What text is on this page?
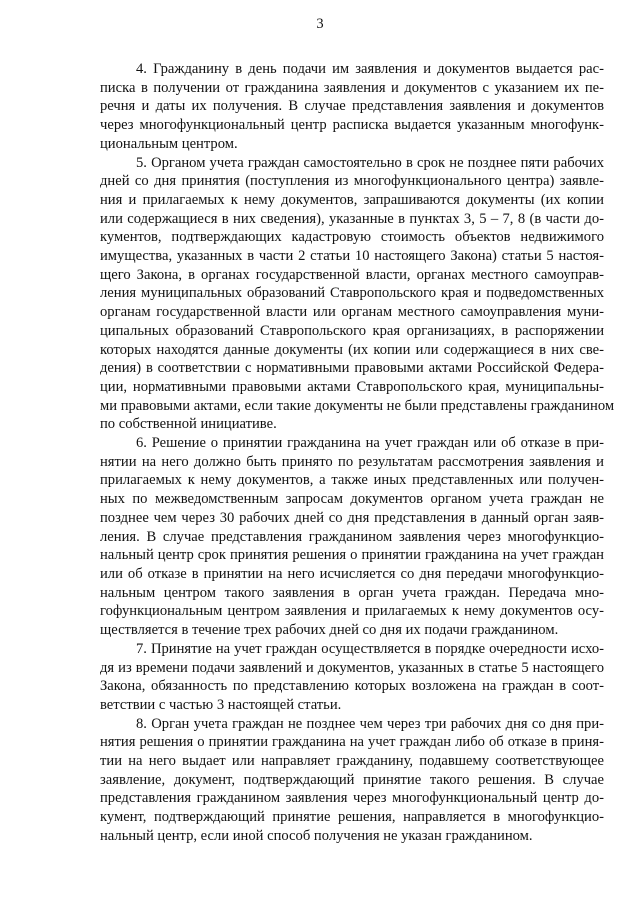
3
4. Гражданину в день подачи им заявления и документов выдается рас-
писка в получении от гражданина заявления и документов с указанием их пе-
речня и даты их получения. В случае представления заявления и документов
через многофункциональный центр расписка выдается указанным многофунк-
циональным центром.
5. Органом учета граждан самостоятельно в срок не позднее пяти рабочих
дней со дня принятия (поступления из многофункционального центра) заявле-
ния и прилагаемых к нему документов, запрашиваются документы (их копии
или содержащиеся в них сведения), указанные в пунктах 3, 5 – 7, 8 (в части до-
кументов, подтверждающих кадастровую стоимость объектов недвижимого
имущества, указанных в части 2 статьи 10 настоящего Закона) статьи 5 настоя-
щего Закона, в органах государственной власти, органах местного самоуправ-
ления муниципальных образований Ставропольского края и подведомственных
органам государственной власти или органам местного самоуправления муни-
ципальных образований Ставропольского края организациях, в распоряжении
которых находятся данные документы (их копии или содержащиеся в них све-
дения) в соответствии с нормативными правовыми актами Российской Федера-
ции, нормативными правовыми актами Ставропольского края, муниципальны-
ми правовыми актами, если такие документы не были представлены гражданином
по собственной инициативе.
6. Решение о принятии гражданина на учет граждан или об отказе в при-
нятии на него должно быть принято по результатам рассмотрения заявления и
прилагаемых к нему документов, а также иных представленных или получен-
ных по межведомственным запросам документов органом учета граждан не
позднее чем через 30 рабочих дней со дня представления в данный орган заяв-
ления. В случае представления гражданином заявления через многофункцио-
нальный центр срок принятия решения о принятии гражданина на учет граждан
или об отказе в принятии на него исчисляется со дня передачи многофункцио-
нальным центром такого заявления в орган учета граждан. Передача мно-
гофункциональным центром заявления и прилагаемых к нему документов осу-
ществляется в течение трех рабочих дней со дня их подачи гражданином.
7. Принятие на учет граждан осуществляется в порядке очередности исхо-
дя из времени подачи заявлений и документов, указанных в статье 5 настоящего
Закона, обязанность по представлению которых возложена на граждан в соот-
ветствии с частью 3 настоящей статьи.
8. Орган учета граждан не позднее чем через три рабочих дня со дня при-
нятия решения о принятии гражданина на учет граждан либо об отказе в приня-
тии на него выдает или направляет гражданину, подавшему соответствующее
заявление, документ, подтверждающий принятие такого решения. В случае
представления гражданином заявления через многофункциональный центр до-
кумент, подтверждающий принятие решения, направляется в многофункцио-
нальный центр, если иной способ получения не указан гражданином.
